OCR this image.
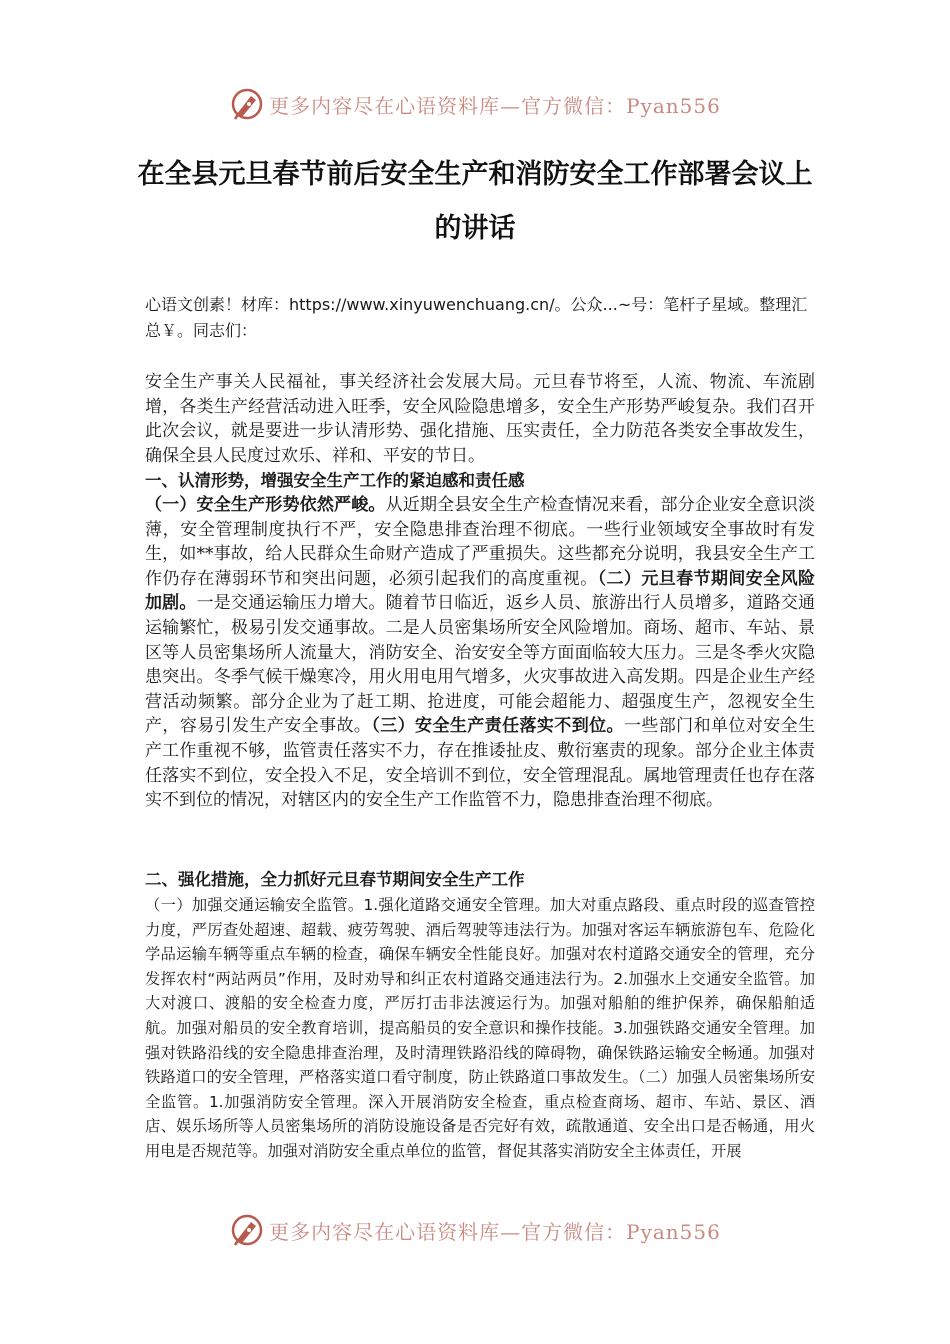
更多内容尽在心语资料库—官方微信：Pyan556
在全县元旦春节前后安全生产和消防安全工作部署会议上的讲话

心语文创素！材库：https://www.xinyuwenchuang.cn/。公众...~号：笔杆子星域。整理汇总￥。同志们：

安全生产事关人民福祉，事关经济社会发展大局。元旦春节将至，人流、物流、车流剧增，各类生产经营活动进入旺季，安全风险隐患增多，安全生产形势严峻复杂。我们召开此次会议，就是要进一步认清形势、强化措施、压实责任，全力防范各类安全事故发生，确保全县人民度过欢乐、祥和、平安的节日。

一、认清形势，增强安全生产工作的紧迫感和责任感

（一）安全生产形势依然严峻。从近期全县安全生产检查情况来看，部分企业安全意识淡薄，安全管理制度执行不严，安全隐患排查治理不彻底。一些行业领域安全事故时有发生，如**事故，给人民群众生命财产造成了严重损失。这些都充分说明，我县安全生产工作仍存在薄弱环节和突出问题，必须引起我们的高度重视。（二）元旦春节期间安全风险加剧。一是交通运输压力增大。随着节日临近，返乡人员、旅游出行人员增多，道路交通运输繁忙，极易引发交通事故。二是人员密集场所安全风险增加。商场、超市、车站、景区等人员密集场所人流量大，消防安全、治安安全等方面面临较大压力。三是冬季火灾隐患突出。冬季气候干燥寒冷，用火用电用气增多，火灾事故进入高发期。四是企业生产经营活动频繁。部分企业为了赶工期、抢进度，可能会超能力、超强度生产，忽视安全生产，容易引发生产安全事故。（三）安全生产责任落实不到位。一些部门和单位对安全生产工作重视不够，监管责任落实不力，存在推诿扯皮、敷衍塞责的现象。部分企业主体责任落实不到位，安全投入不足，安全培训不到位，安全管理混乱。属地管理责任也存在落实不到位的情况，对辖区内的安全生产工作监管不力，隐患排查治理不彻底。

二、强化措施，全力抓好元旦春节期间安全生产工作

（一）加强交通运输安全监管。1.强化道路交通安全管理。加大对重点路段、重点时段的巡查管控力度，严厉查处超速、超载、疲劳驾驶、酒后驾驶等违法行为。加强对客运车辆旅游包车、危险化学品运输车辆等重点车辆的检查，确保车辆安全性能良好。加强对农村道路交通安全的管理，充分发挥农村“两站两员”作用，及时劝导和纠正农村道路交通违法行为。2.加强水上交通安全监管。加大对渡口、渡船的安全检查力度，严厉打击非法渡运行为。加强对船舶的维护保养，确保船舶适航。加强对船员的安全教育培训，提高船员的安全意识和操作技能。3.加强铁路交通安全管理。加强对铁路沿线的安全隐患排查治理，及时清理铁路沿线的障碍物，确保铁路运输安全畅通。加强对铁路道口的安全管理，严格落实道口看守制度，防止铁路道口事故发生。（二）加强人员密集场所安全监管。1.加强消防安全管理。深入开展消防安全检查，重点检查商场、超市、车站、景区、酒店、娱乐场所等人员密集场所的消防设施设备是否完好有效，疏散通道、安全出口是否畅通，用火用电是否规范等。加强对消防安全重点单位的监管，督促其落实消防安全主体责任，开展

更多内容尽在心语资料库—官方微信：Pyan556
